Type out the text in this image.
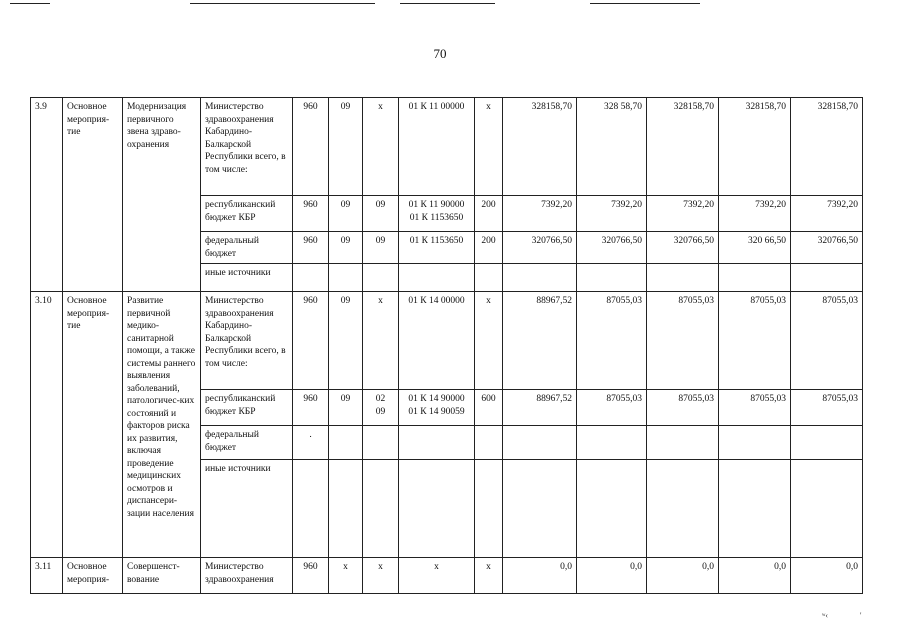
70
3.9	Основное мероприя-тие	Модернизация первичного звена здраво-охранения	Министерство здравоохранения Кабардино-Балкарской Республики всего, в том числе:	960	09	x	01 К 11 00000	x	328158,70	328 58,70	328158,70	328158,70	328158,70
			республиканский бюджет КБР	960	09	09	01 К 11 90000
01 К 1153650	200	7392,20	7392,20	7392,20	7392,20	7392,20
			федеральный бюджет	960	09	09	01 К 1153650	200	320766,50	320766,50	320766,50	320 66,50	320766,50
			иные источники										
3.10	Основное мероприя-тие	Развитие первичной медико-санитарной помощи, а также системы раннего выявления заболеваний, патологичес-ких состояний и факторов риска их развития, включая проведение медицинских осмотров и диспансери-зации населения	Министерство здравоохранения Кабардино-Балкарской Республики всего, в том числе:	960	09	x	01 К 14 00000	x	88967,52	87055,03	87055,03	87055,03	87055,03
			республиканский бюджет КБР	960	09	02
09	01 К 14 90000
01 К 14 90059	600	88967,52	87055,03	87055,03	87055,03	87055,03
			федеральный бюджет	.									
			иные источники										
3.11	Основное мероприя-	Совершенст-вование	Министерство здравоохранения	960	x	x	x	x	0,0	0,0	0,0	0,0	0,0
ʷ‹	'
